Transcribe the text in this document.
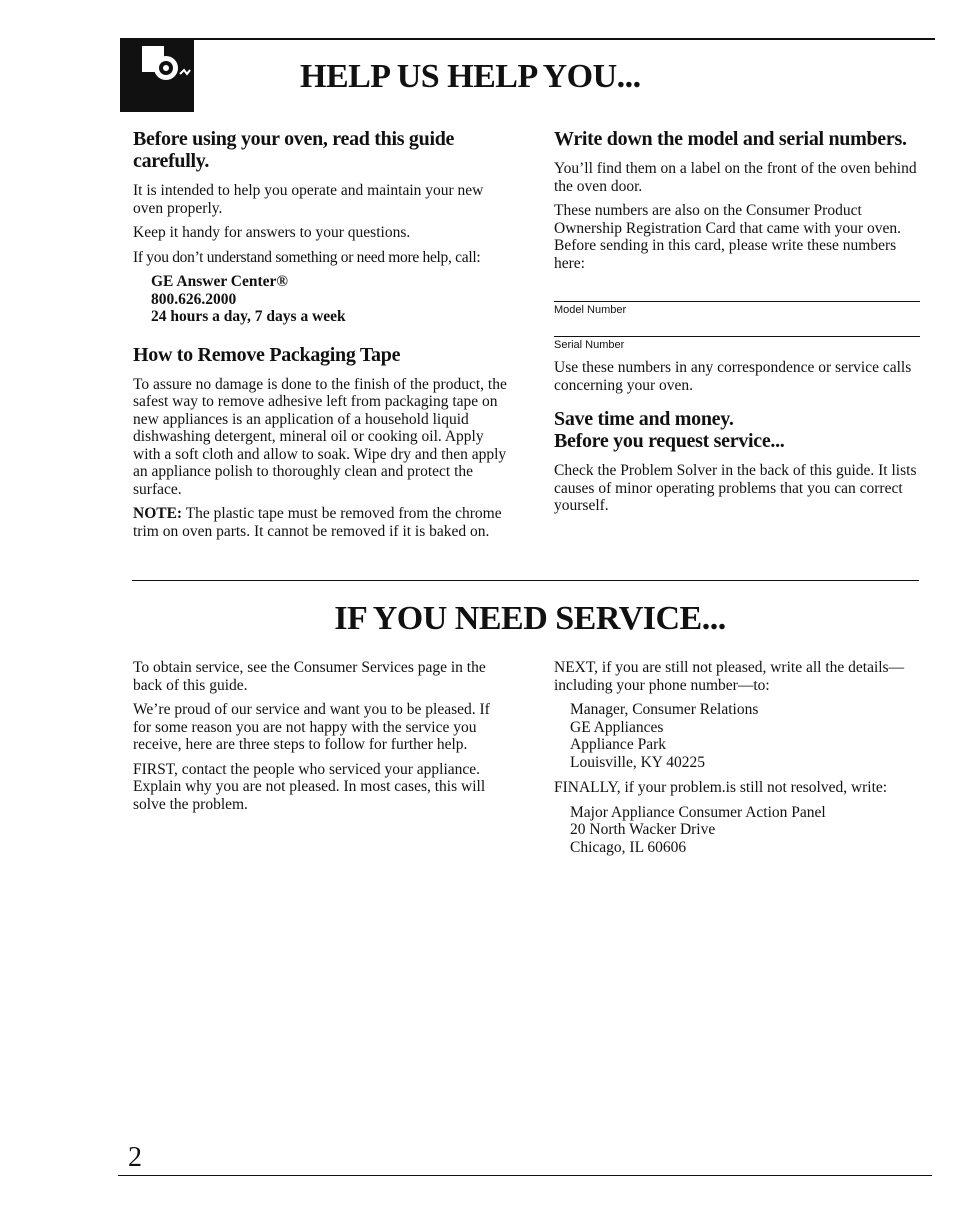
HELP US HELP YOU...
Before using your oven, read this guide carefully.

It is intended to help you operate and maintain your new oven properly.

Keep it handy for answers to your questions.

If you don’t understand something or need more help, call:

GE Answer Center®
800.626.2000
24 hours a day, 7 days a week
How to Remove Packaging Tape

To assure no damage is done to the finish of the product, the safest way to remove adhesive left from packaging tape on new appliances is an application of a household liquid dishwashing detergent, mineral oil or cooking oil. Apply with a soft cloth and allow to soak. Wipe dry and then apply an appliance polish to thoroughly clean and protect the surface.

NOTE: The plastic tape must be removed from the chrome trim on oven parts. It cannot be removed if it is baked on.

Write down the model and serial numbers.

You’ll find them on a label on the front of the oven behind the oven door.

These numbers are also on the Consumer Product Ownership Registration Card that came with your oven. Before sending in this card, please write these numbers here:

Model Number
Serial Number

Use these numbers in any correspondence or service calls concerning your oven.

Save time and money.
Before you request service...

Check the Problem Solver in the back of this guide. It lists causes of minor operating problems that you can correct yourself.

IF YOU NEED SERVICE...

To obtain service, see the Consumer Services page in the back of this guide.

We’re proud of our service and want you to be pleased. If for some reason you are not happy with the service you receive, here are three steps to follow for further help.

FIRST, contact the people who serviced your appliance. Explain why you are not pleased. In most cases, this will solve the problem.

NEXT, if you are still not pleased, write all the details—including your phone number—to:

Manager, Consumer Relations
GE Appliances
Appliance Park
Louisville, KY 40225

FINALLY, if your problem.is still not resolved, write:

Major Appliance Consumer Action Panel
20 North Wacker Drive
Chicago, IL 60606
2
